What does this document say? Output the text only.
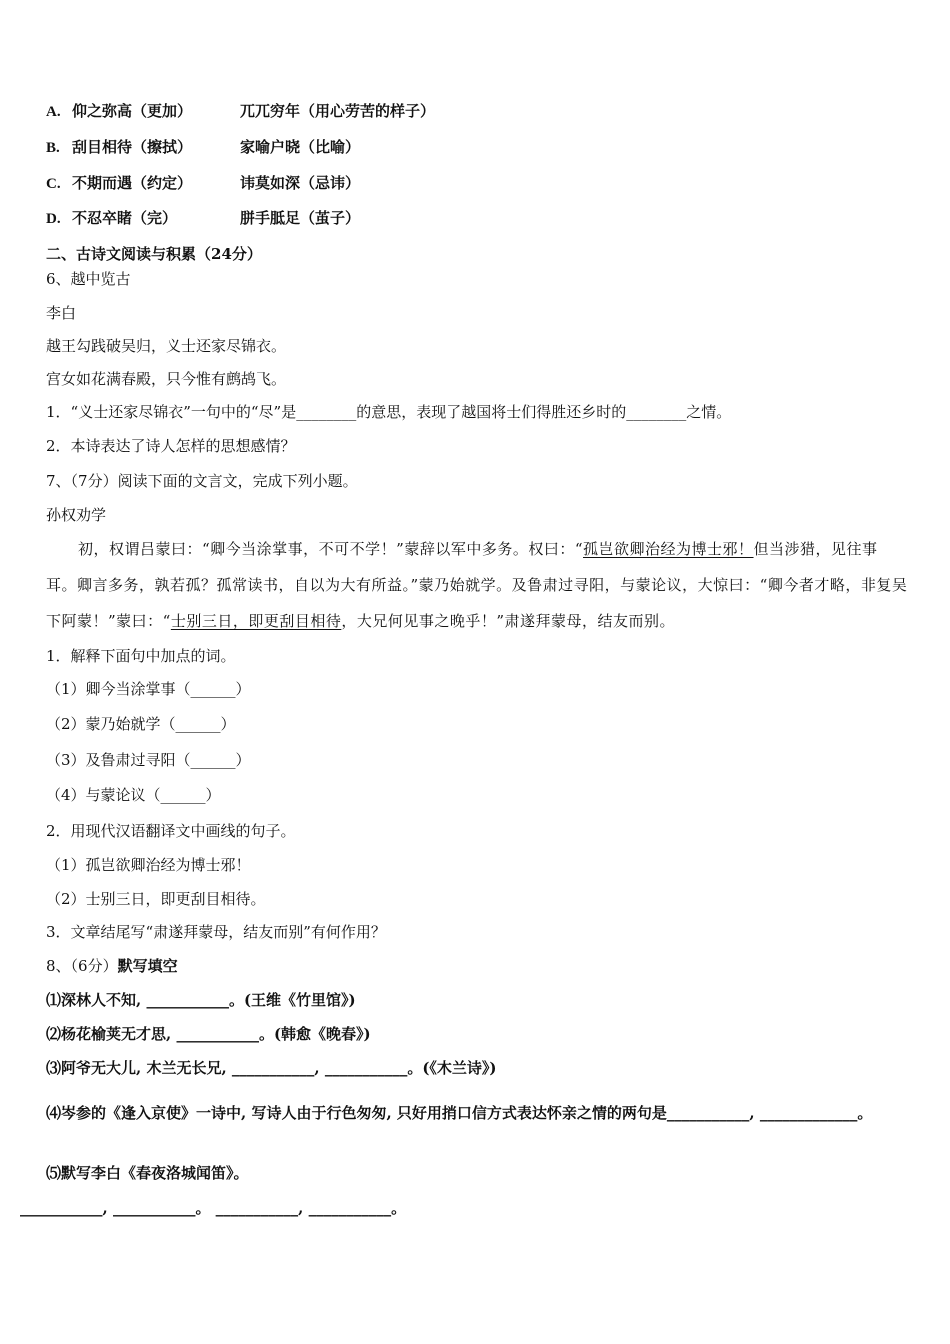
A. 仰之弥高（更加）	兀兀穷年（用心劳苦的样子）
B. 刮目相待（擦拭）	家喻户晓（比喻）
C. 不期而遇（约定）	讳莫如深（忌讳）
D. 不忍卒睹（完）	胼手胝足（茧子）
二、古诗文阅读与积累（24分）
6、越中览古
李白
越王勾践破吴归，义士还家尽锦衣。
宫女如花满春殿，只今惟有鹧鸪飞。
1．“义士还家尽锦衣”一句中的“尽”是________的意思，表现了越国将士们得胜还乡时的________之情。
2．本诗表达了诗人怎样的思想感情？
7、（7分）阅读下面的文言文，完成下列小题。
孙权劝学
初，权谓吕蒙曰：“卿今当涂掌事，不可不学！”蒙辞以军中多务。权曰：“孤岂欲卿治经为博士邪！但当涉猎，见往事耳。卿言多务，孰若孤？孤常读书，自以为大有所益。”蒙乃始就学。及鲁肃过寻阳，与蒙论议，大惊曰：“卿今者才略，非复吴下阿蒙！”蒙曰：“士别三日，即更刮目相待，大兄何见事之晚乎！”肃遂拜蒙母，结友而别。
1．解释下面句中加点的词。
（1）卿今当涂掌事（______）
（2）蒙乃始就学（______）
（3）及鲁肃过寻阳（______）
（4）与蒙论议（______）
2．用现代汉语翻译文中画线的句子。
（1）孤岂欲卿治经为博士邪！
（2）士别三日，即更刮目相待。
3．文章结尾写“肃遂拜蒙母，结友而别”有何作用？
8、（6分）默写填空
⑴深林人不知, ___________。(王维《竹里馆》)
⑵杨花榆荚无才思, ___________。(韩愈《晚春》)
⑶阿爷无大儿, 木兰无长兄, ___________, ___________。(《木兰诗》)
⑷岑参的《逢入京使》一诗中, 写诗人由于行色匆匆, 只好用捎口信方式表达怀亲之情的两句是___________, _____________。
⑸默写李白《春夜洛城闻笛》。
___________, ___________。 ___________, ___________。
